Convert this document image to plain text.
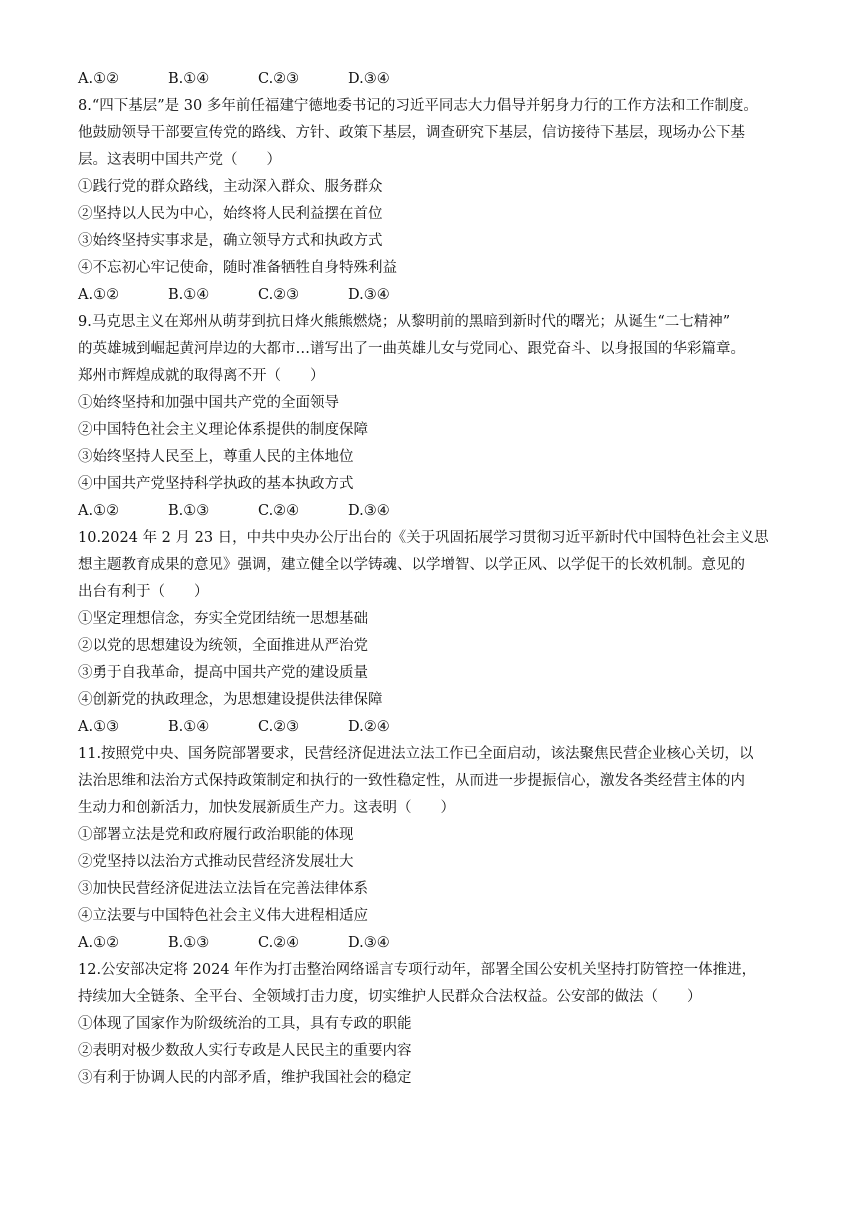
A.①②	B.①④	C.②③	D.③④
8.“四下基层”是 30 多年前任福建宁德地委书记的习近平同志大力倡导并躬身力行的工作方法和工作制度。
他鼓励领导干部要宣传党的路线、方针、政策下基层，调查研究下基层，信访接待下基层，现场办公下基
层。这表明中国共产党（　　）
①践行党的群众路线，主动深入群众、服务群众
②坚持以人民为中心，始终将人民利益摆在首位
③始终坚持实事求是，确立领导方式和执政方式
④不忘初心牢记使命，随时准备牺牲自身特殊利益
A.①②	B.①④	C.②③	D.③④
9.马克思主义在郑州从萌芽到抗日烽火熊熊燃烧；从黎明前的黑暗到新时代的曙光；从诞生“二七精神”
的英雄城到崛起黄河岸边的大都市…谱写出了一曲英雄儿女与党同心、跟党奋斗、以身报国的华彩篇章。
郑州市辉煌成就的取得离不开（　　）
①始终坚持和加强中国共产党的全面领导
②中国特色社会主义理论体系提供的制度保障
③始终坚持人民至上，尊重人民的主体地位
④中国共产党坚持科学执政的基本执政方式
A.①②	B.①③	C.②④	D.③④
10.2024 年 2 月 23 日，中共中央办公厅出台的《关于巩固拓展学习贯彻习近平新时代中国特色社会主义思
想主题教育成果的意见》强调，建立健全以学铸魂、以学增智、以学正风、以学促干的长效机制。意见的
出台有利于（　　）
①坚定理想信念，夯实全党团结统一思想基础
②以党的思想建设为统领，全面推进从严治党
③勇于自我革命，提高中国共产党的建设质量
④创新党的执政理念，为思想建设提供法律保障
A.①③	B.①④	C.②③	D.②④
11.按照党中央、国务院部署要求，民营经济促进法立法工作已全面启动，该法聚焦民营企业核心关切，以
法治思维和法治方式保持政策制定和执行的一致性稳定性，从而进一步提振信心，激发各类经营主体的内
生动力和创新活力，加快发展新质生产力。这表明（　　）
①部署立法是党和政府履行政治职能的体现
②党坚持以法治方式推动民营经济发展壮大
③加快民营经济促进法立法旨在完善法律体系
④立法要与中国特色社会主义伟大进程相适应
A.①②	B.①③	C.②④	D.③④
12.公安部决定将 2024 年作为打击整治网络谣言专项行动年，部署全国公安机关坚持打防管控一体推进，
持续加大全链条、全平台、全领域打击力度，切实维护人民群众合法权益。公安部的做法（　　）
①体现了国家作为阶级统治的工具，具有专政的职能
②表明对极少数敌人实行专政是人民民主的重要内容
③有利于协调人民的内部矛盾，维护我国社会的稳定
